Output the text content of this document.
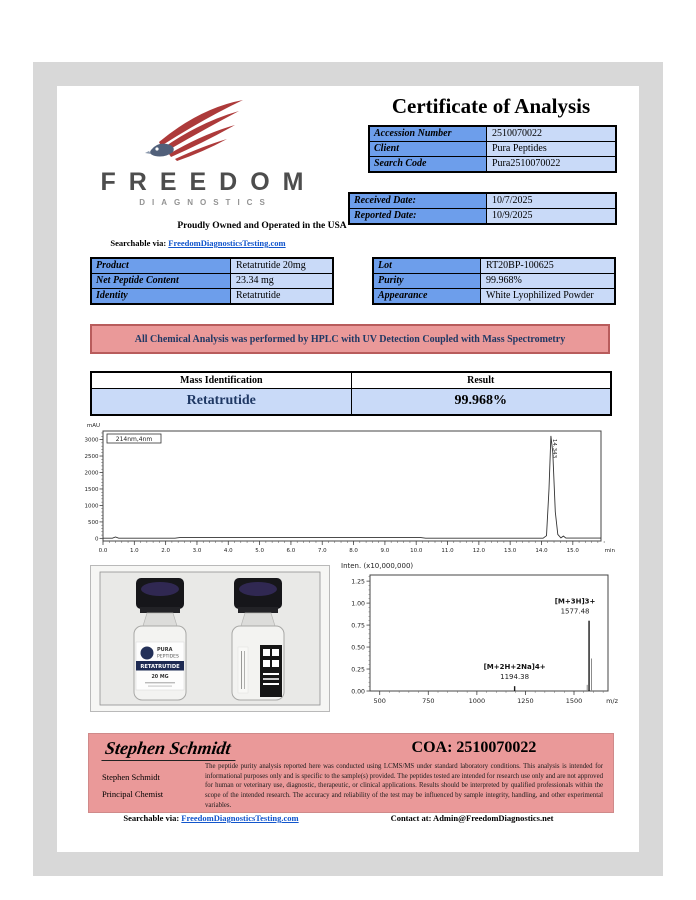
FREEDOM
DIAGNOSTICS
Proudly Owned and Operated in the USA
Searchable via: FreedomDiagnosticsTesting.com
Certificate of Analysis
Accession Number	2510070022
Client	Pura Peptides
Search Code	Pura2510070022
Received Date:	10/7/2025
Reported Date:	10/9/2025
Product	Retatrutide 20mg
Net Peptide Content	23.34 mg
Identity	Retatrutide
Lot	RT20BP-100625
Purity	99.968%
Appearance	White Lyophilized Powder
All Chemical Analysis was performed by HPLC with UV Detection Coupled with Mass Spectrometry
Mass Identification	Result
Retatrutide	99.968%
mAU
0
500
1000
1500
2000
2500
3000
0.0	1.0	2.0	3.0	4.0	5.0	6.0	7.0	8.0	9.0	10.0	11.0	12.0	13.0	14.0	15.0	min
214nm,4nm	14.343
PURA
PEPTIDES
RETATRUTIDE
20 MG
Inten. (x10,000,000)
0.00
0.25
0.50
0.75
1.00
1.25
500	750	1000	1250	1500	m/z
[M+2H+2Na]4+
1194.38
[M+3H]3+
1577.48
Stephen Schmidt	COA: 2510070022
Stephen Schmidt
Principal Chemist
The peptide purity analysis reported here was conducted using LCMS/MS under standard laboratory conditions. This analysis is intended for informational purposes only and is specific to the sample(s) provided. The peptides tested are intended for research use only and are not approved for human or veterinary use, diagnostic, therapeutic, or clinical applications. Results should be interpreted by qualified professionals within the scope of the intended research. The accuracy and reliability of the test may be influenced by sample integrity, handling, and other experimental variables.
Searchable via: FreedomDiagnosticsTesting.com	Contact at: Admin@FreedomDiagnostics.net
